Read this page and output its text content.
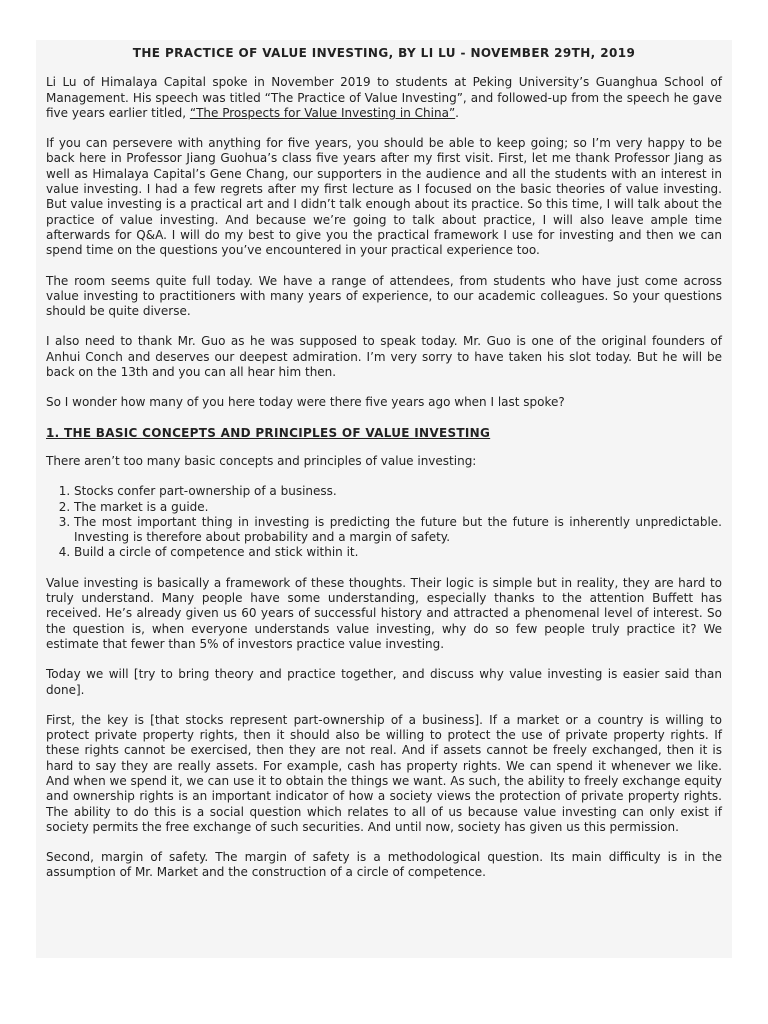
THE PRACTICE OF VALUE INVESTING, BY LI LU - NOVEMBER 29TH, 2019

Li Lu of Himalaya Capital spoke in November 2019 to students at Peking University’s Guanghua School of Management. His speech was titled “The Practice of Value Investing”, and followed-up from the speech he gave five years earlier titled, “The Prospects for Value Investing in China”.

If you can persevere with anything for five years, you should be able to keep going; so I’m very happy to be back here in Professor Jiang Guohua’s class five years after my first visit. First, let me thank Professor Jiang as well as Himalaya Capital’s Gene Chang, our supporters in the audience and all the students with an interest in value investing. I had a few regrets after my first lecture as I focused on the basic theories of value investing. But value investing is a practical art and I didn’t talk enough about its practice. So this time, I will talk about the practice of value investing. And because we’re going to talk about practice, I will also leave ample time afterwards for Q&A. I will do my best to give you the practical framework I use for investing and then we can spend time on the questions you’ve encountered in your practical experience too.

The room seems quite full today. We have a range of attendees, from students who have just come across value investing to practitioners with many years of experience, to our academic colleagues. So your questions should be quite diverse.

I also need to thank Mr. Guo as he was supposed to speak today. Mr. Guo is one of the original founders of Anhui Conch and deserves our deepest admiration. I’m very sorry to have taken his slot today. But he will be back on the 13th and you can all hear him then.

So I wonder how many of you here today were there five years ago when I last spoke?

1. THE BASIC CONCEPTS AND PRINCIPLES OF VALUE INVESTING

There aren’t too many basic concepts and principles of value investing:

1. Stocks confer part-ownership of a business.
2. The market is a guide.
3. The most important thing in investing is predicting the future but the future is inherently unpredictable. Investing is therefore about probability and a margin of safety.
4. Build a circle of competence and stick within it.

Value investing is basically a framework of these thoughts. Their logic is simple but in reality, they are hard to truly understand. Many people have some understanding, especially thanks to the attention Buffett has received. He’s already given us 60 years of successful history and attracted a phenomenal level of interest. So the question is, when everyone understands value investing, why do so few people truly practice it? We estimate that fewer than 5% of investors practice value investing.

Today we will [try to bring theory and practice together, and discuss why value investing is easier said than done].

First, the key is [that stocks represent part-ownership of a business]. If a market or a country is willing to protect private property rights, then it should also be willing to protect the use of private property rights. If these rights cannot be exercised, then they are not real. And if assets cannot be freely exchanged, then it is hard to say they are really assets. For example, cash has property rights. We can spend it whenever we like. And when we spend it, we can use it to obtain the things we want. As such, the ability to freely exchange equity and ownership rights is an important indicator of how a society views the protection of private property rights. The ability to do this is a social question which relates to all of us because value investing can only exist if society permits the free exchange of such securities. And until now, society has given us this permission.

Second, margin of safety. The margin of safety is a methodological question. Its main difficulty is in the assumption of Mr. Market and the construction of a circle of competence.
